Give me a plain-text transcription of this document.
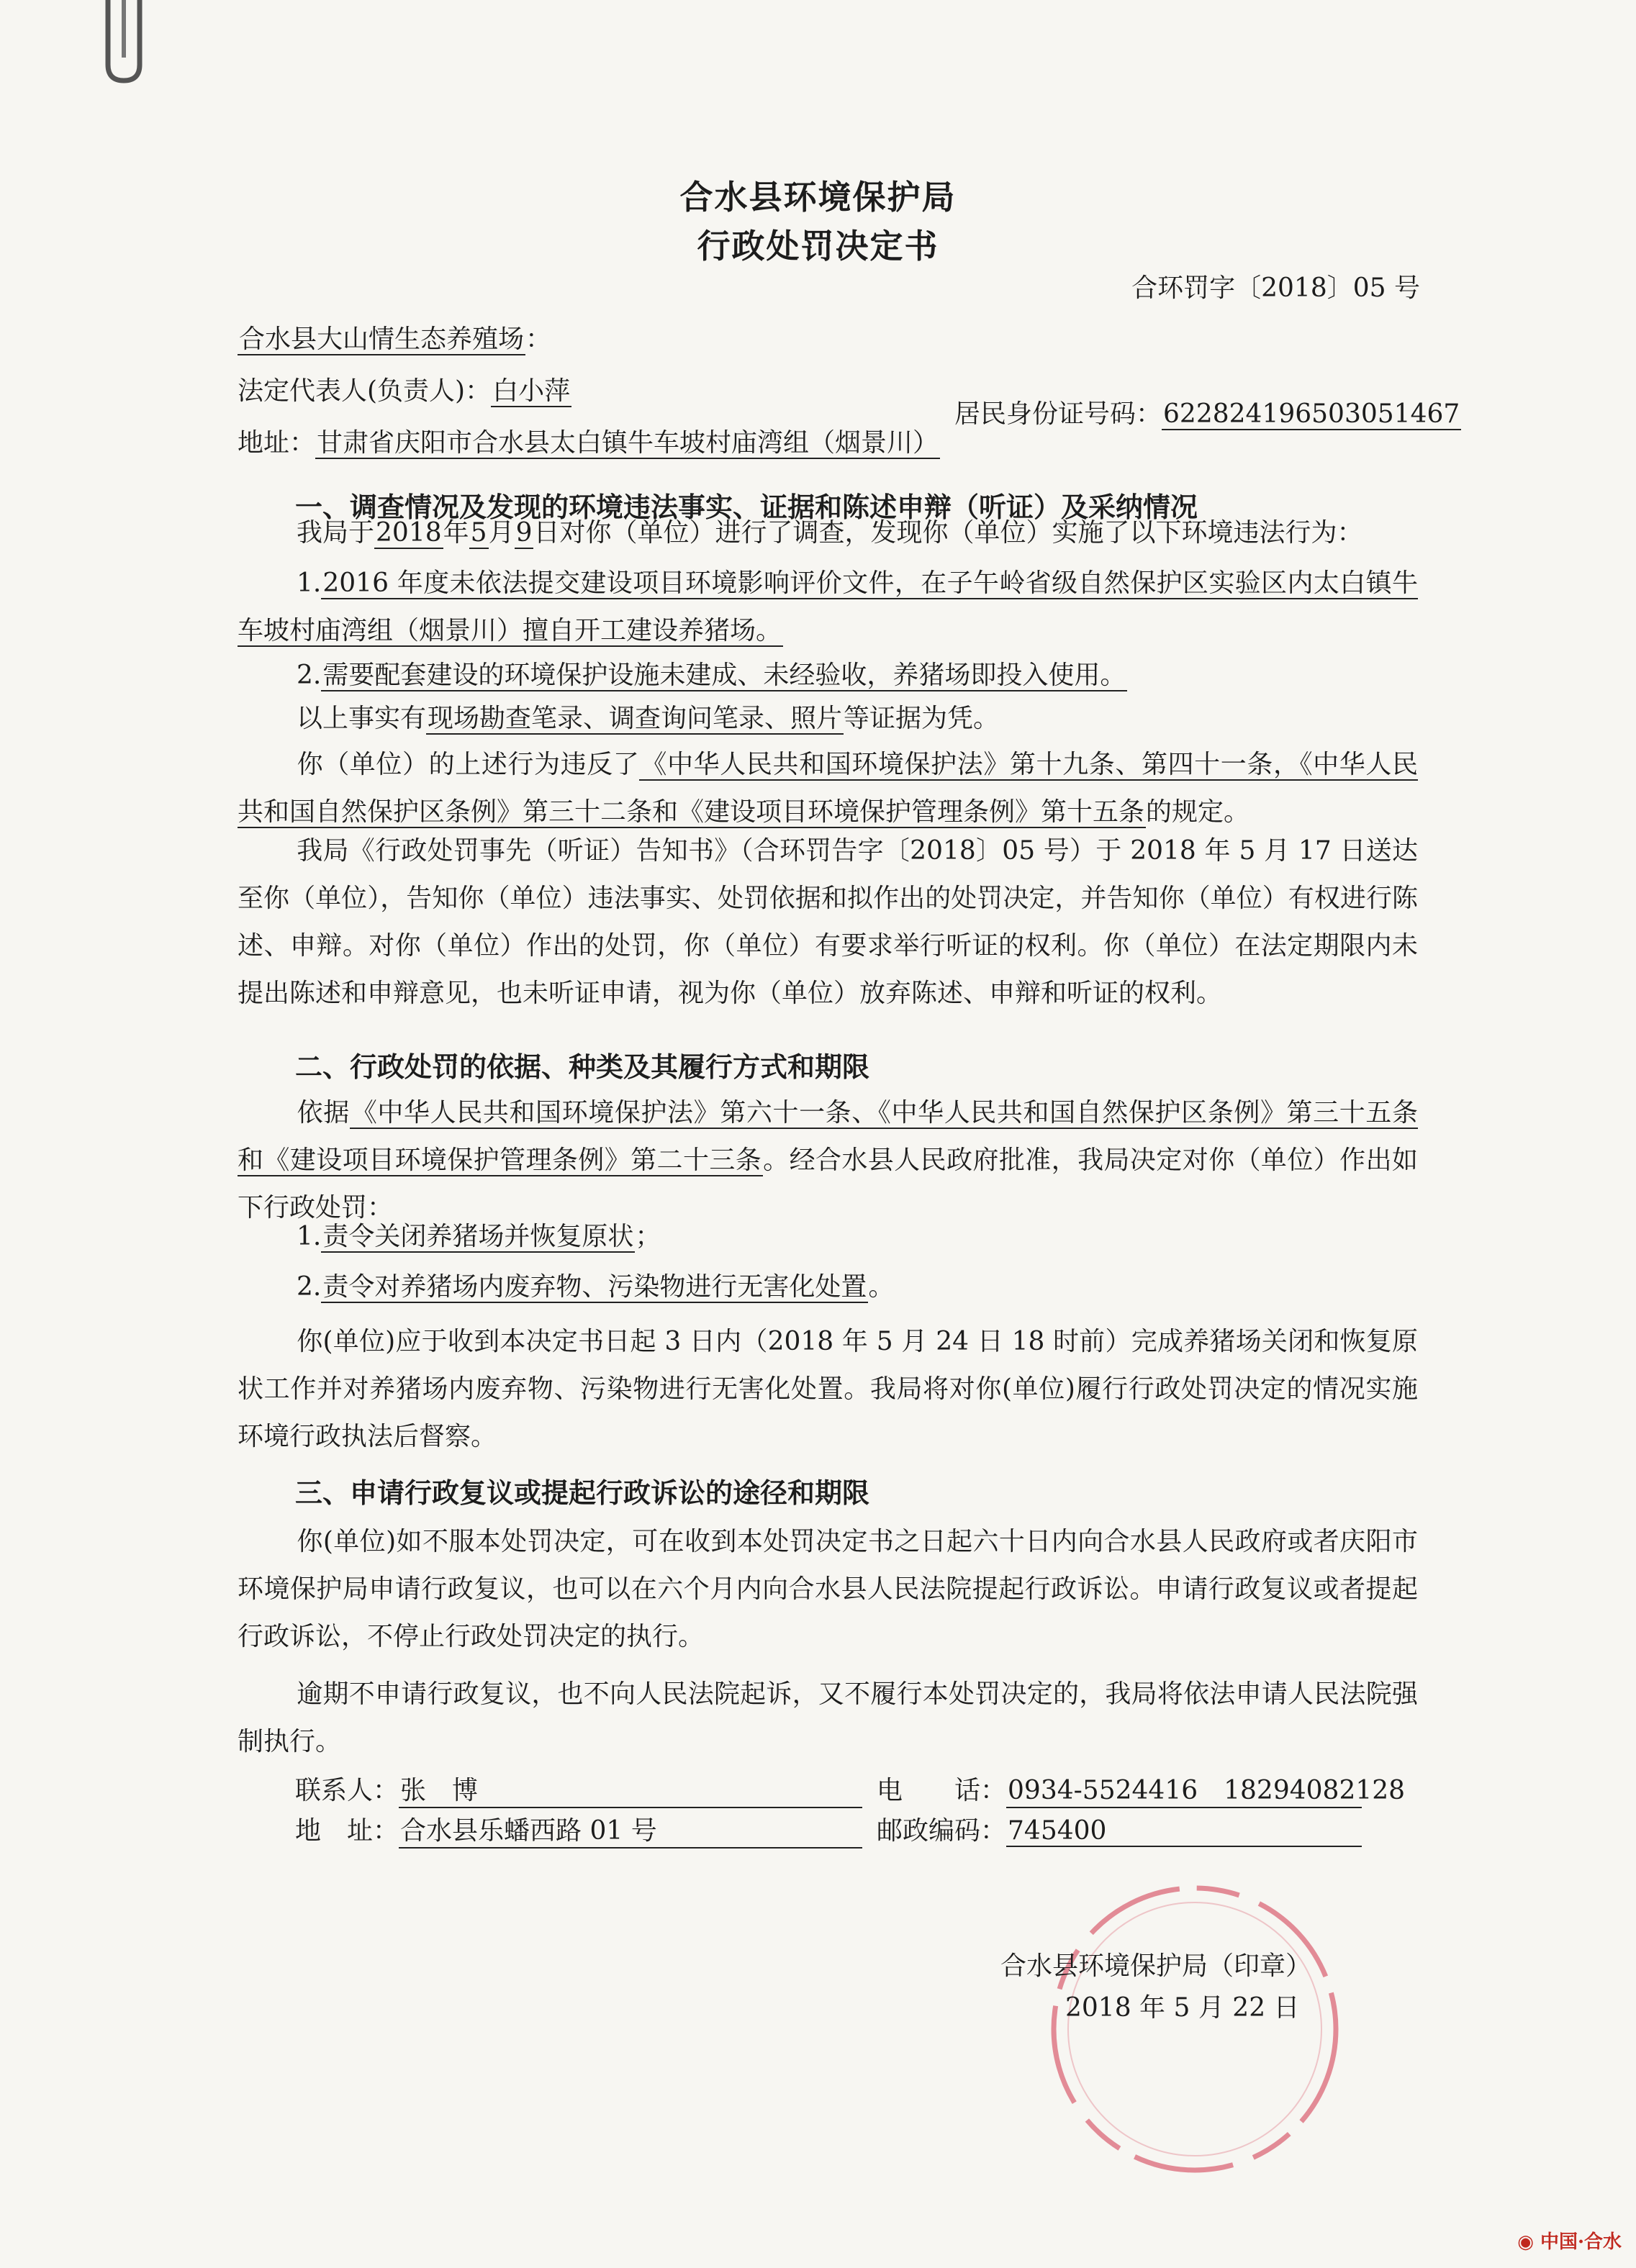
合水县环境保护局
行政处罚决定书
合环罚字〔2018〕05 号
合水县大山情生态养殖场：
法定代表人(负责人)：白小萍
居民身份证号码：622824196503051467
地址：甘肃省庆阳市合水县太白镇牛车坡村庙湾组（烟景川）
一、调查情况及发现的环境违法事实、证据和陈述申辩（听证）及采纳情况
我局于2018年5月9日对你（单位）进行了调查，发现你（单位）实施了以下环境违法行为：
1.2016 年度未依法提交建设项目环境影响评价文件，在子午岭省级自然保护区实验区内太白镇牛车坡村庙湾组（烟景川）擅自开工建设养猪场。
2.需要配套建设的环境保护设施未建成、未经验收，养猪场即投入使用。
以上事实有现场勘查笔录、调查询问笔录、照片等证据为凭。
你（单位）的上述行为违反了《中华人民共和国环境保护法》第十九条、第四十一条，《中华人民共和国自然保护区条例》第三十二条和《建设项目环境保护管理条例》第十五条的规定。
我局《行政处罚事先（听证）告知书》（合环罚告字〔2018〕05 号）于 2018 年 5 月 17 日送达至你（单位），告知你（单位）违法事实、处罚依据和拟作出的处罚决定，并告知你（单位）有权进行陈述、申辩。对你（单位）作出的处罚，你（单位）有要求举行听证的权利。你（单位）在法定期限内未提出陈述和申辩意见，也未听证申请，视为你（单位）放弃陈述、申辩和听证的权利。
二、行政处罚的依据、种类及其履行方式和期限
依据《中华人民共和国环境保护法》第六十一条、《中华人民共和国自然保护区条例》第三十五条和《建设项目环境保护管理条例》第二十三条。经合水县人民政府批准，我局决定对你（单位）作出如下行政处罚：
1.责令关闭养猪场并恢复原状；
2.责令对养猪场内废弃物、污染物进行无害化处置。
你(单位)应于收到本决定书日起 3 日内（2018 年 5 月 24 日 18 时前）完成养猪场关闭和恢复原状工作并对养猪场内废弃物、污染物进行无害化处置。我局将对你(单位)履行行政处罚决定的情况实施环境行政执法后督察。
三、申请行政复议或提起行政诉讼的途径和期限
你(单位)如不服本处罚决定，可在收到本处罚决定书之日起六十日内向合水县人民政府或者庆阳市环境保护局申请行政复议，也可以在六个月内向合水县人民法院提起行政诉讼。申请行政复议或者提起行政诉讼，不停止行政处罚决定的执行。
逾期不申请行政复议，也不向人民法院起诉，又不履行本处罚决定的，我局将依法申请人民法院强制执行。
联系人：张　博	电　　话：0934-5524416　18294082128
地　址：合水县乐蟠西路 01 号	邮政编码：745400
合水县环境保护局（印章）
2018 年 5 月 22 日
◉ 中国·合水
